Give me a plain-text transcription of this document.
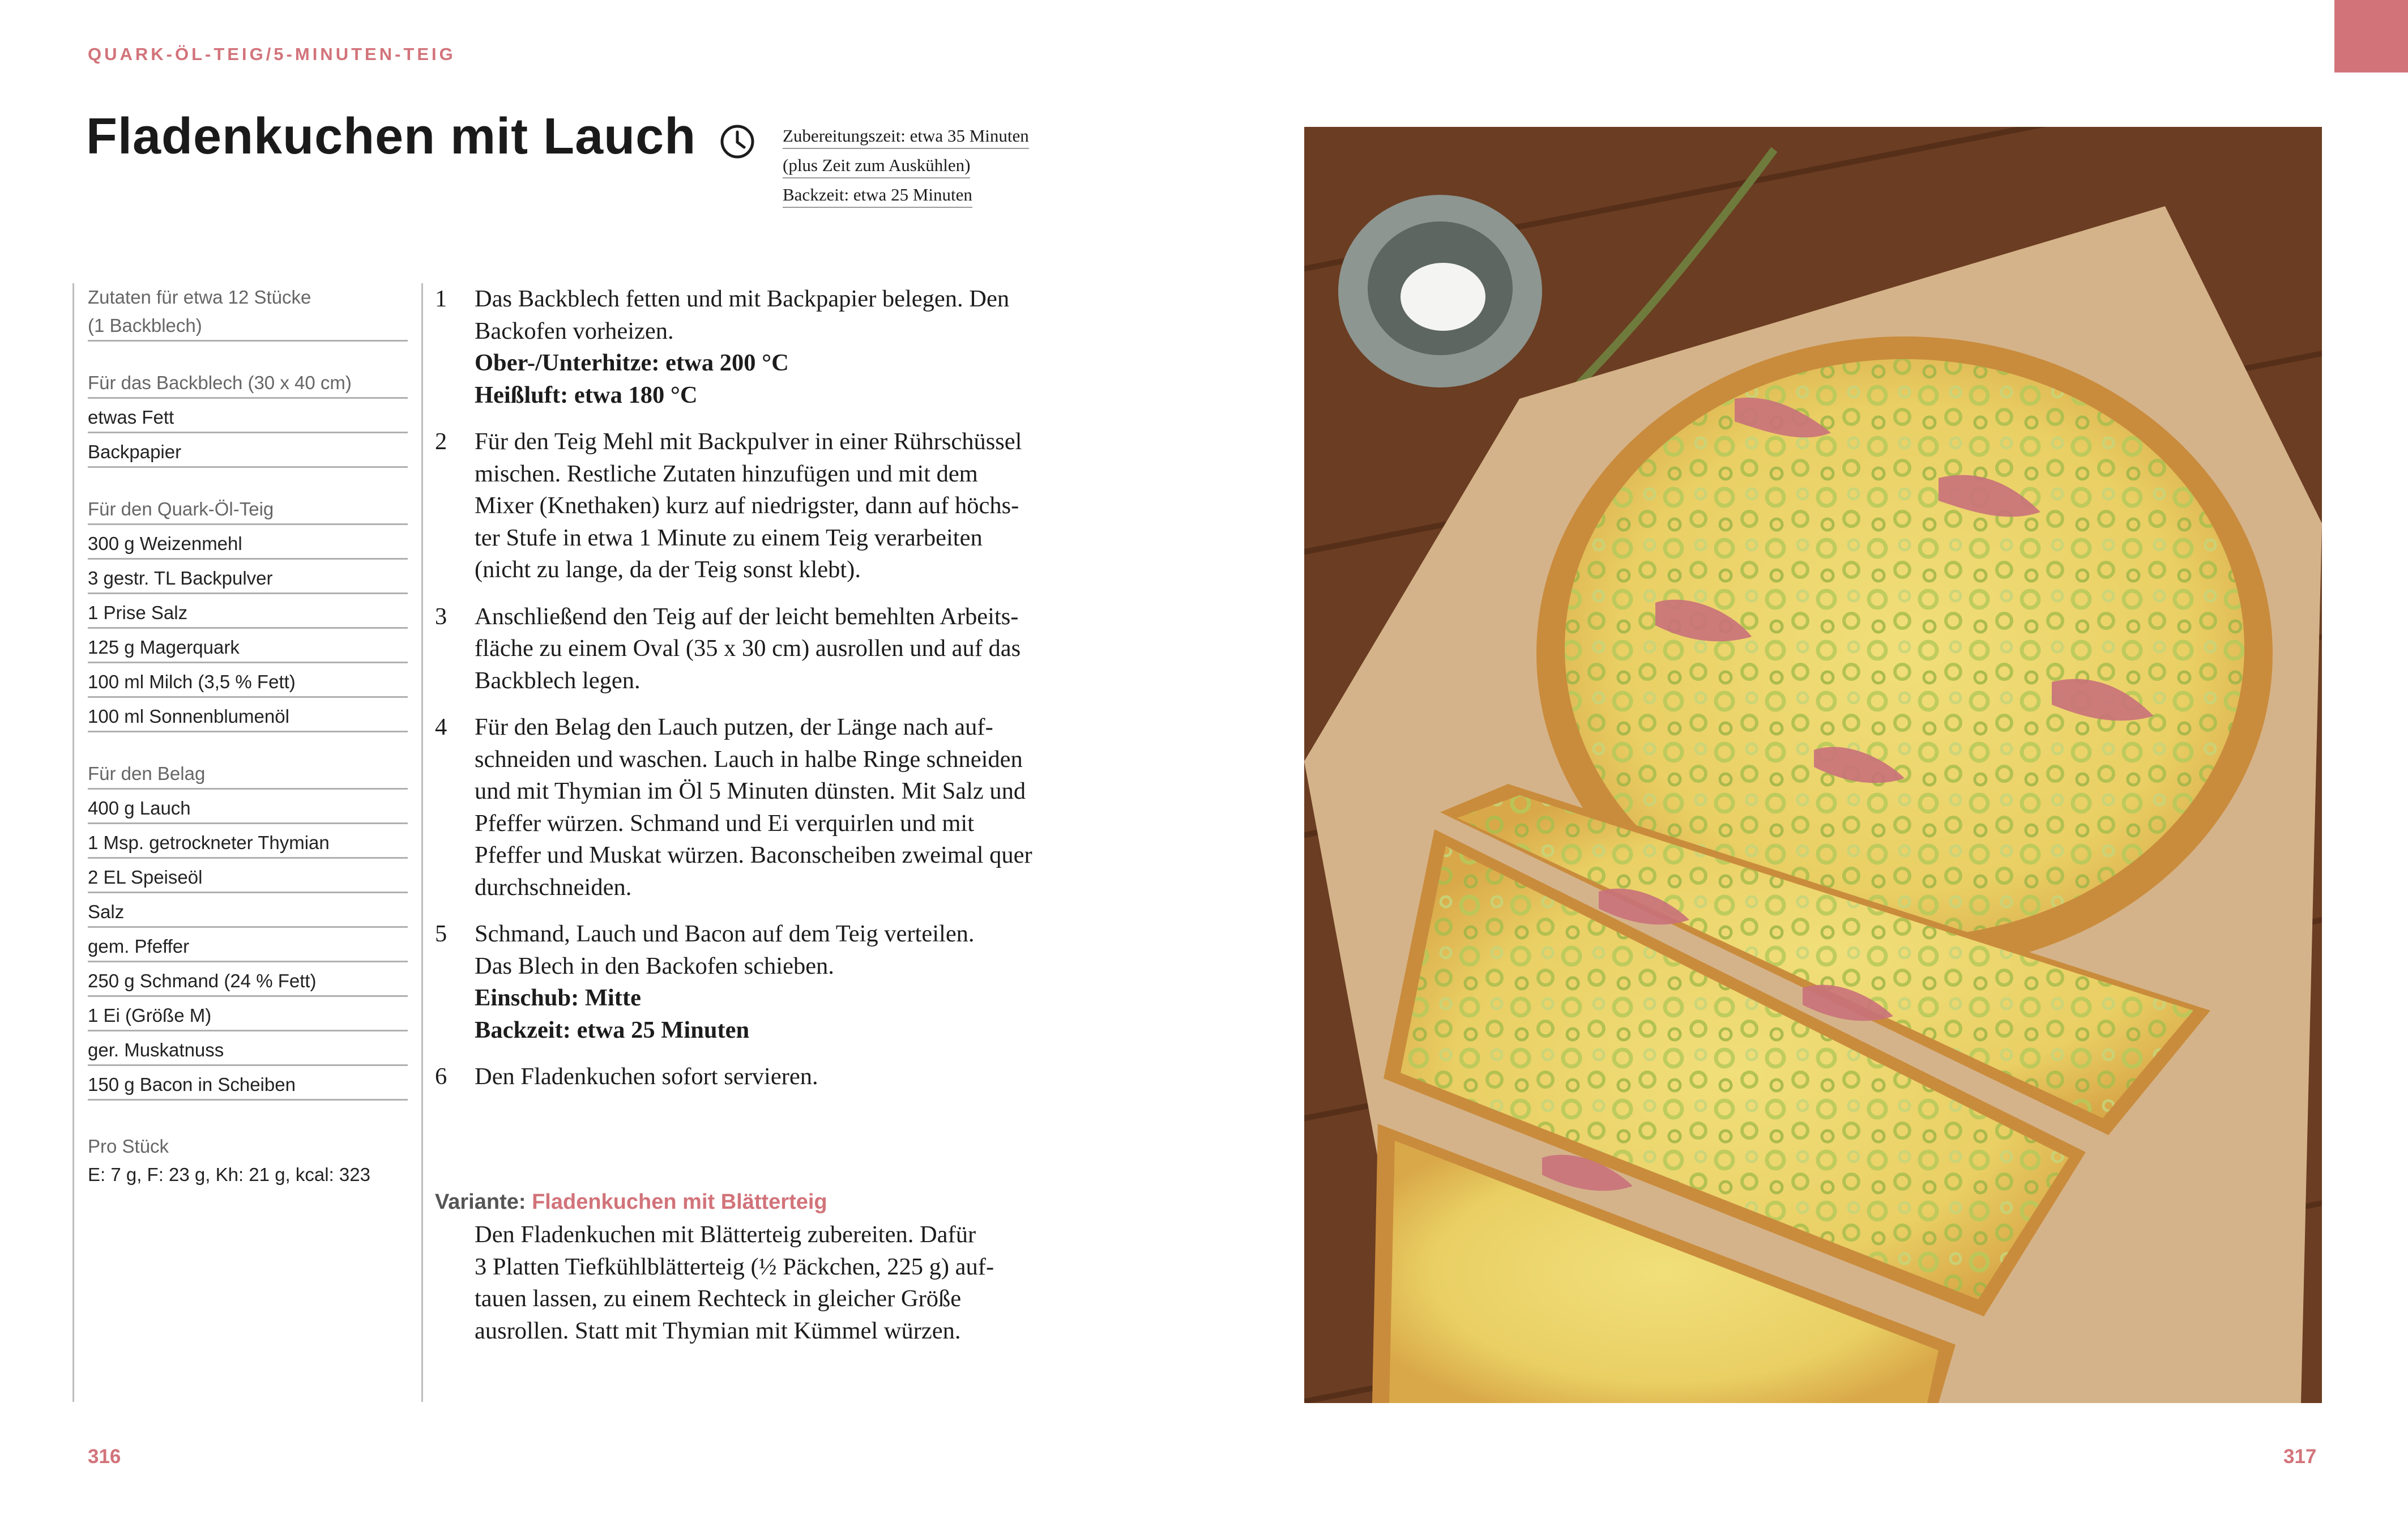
QUARK-ÖL-TEIG/5-MINUTEN-TEIG
Fladenkuchen mit Lauch	Zubereitungszeit: etwa 35 Minuten
(plus Zeit zum Auskühlen)
Backzeit: etwa 25 Minuten
Zutaten für etwa 12 Stücke
(1 Backblech)
Für das Backblech (30 x 40 cm)
etwas Fett
Backpapier
Für den Quark-Öl-Teig
300 g Weizenmehl
3 gestr. TL Backpulver
1 Prise Salz
125 g Magerquark
100 ml Milch (3,5 % Fett)
100 ml Sonnenblumenöl
Für den Belag
400 g Lauch
1 Msp. getrockneter Thymian
2 EL Speiseöl
Salz
gem. Pfeffer
250 g Schmand (24 % Fett)
1 Ei (Größe M)
ger. Muskatnuss
150 g Bacon in Scheiben
Pro Stück
E: 7 g, F: 23 g, Kh: 21 g, kcal: 323
1 Das Backblech fetten und mit Backpapier belegen. Den
Backofen vorheizen.
Ober-/Unterhitze: etwa 200 °C
Heißluft: etwa 180 °C
2 Für den Teig Mehl mit Backpulver in einer Rührschüssel
mischen. Restliche Zutaten hinzufügen und mit dem
Mixer (Knethaken) kurz auf niedrigster, dann auf höchs-
ter Stufe in etwa 1 Minute zu einem Teig verarbeiten
(nicht zu lange, da der Teig sonst klebt).
3 Anschließend den Teig auf der leicht bemehlten Arbeits-
fläche zu einem Oval (35 x 30 cm) ausrollen und auf das
Backblech legen.
4 Für den Belag den Lauch putzen, der Länge nach auf-
schneiden und waschen. Lauch in halbe Ringe schneiden
und mit Thymian im Öl 5 Minuten dünsten. Mit Salz und
Pfeffer würzen. Schmand und Ei verquirlen und mit
Pfeffer und Muskat würzen. Baconscheiben zweimal quer
durchschneiden.
5 Schmand, Lauch und Bacon auf dem Teig verteilen.
Das Blech in den Backofen schieben.
Einschub: Mitte
Backzeit: etwa 25 Minuten
6 Den Fladenkuchen sofort servieren.
Variante: Fladenkuchen mit Blätterteig
Den Fladenkuchen mit Blätterteig zubereiten. Dafür
3 Platten Tiefkühlblätterteig (½ Päckchen, 225 g) auf-
tauen lassen, zu einem Rechteck in gleicher Größe
ausrollen. Statt mit Thymian mit Kümmel würzen.
316	317
